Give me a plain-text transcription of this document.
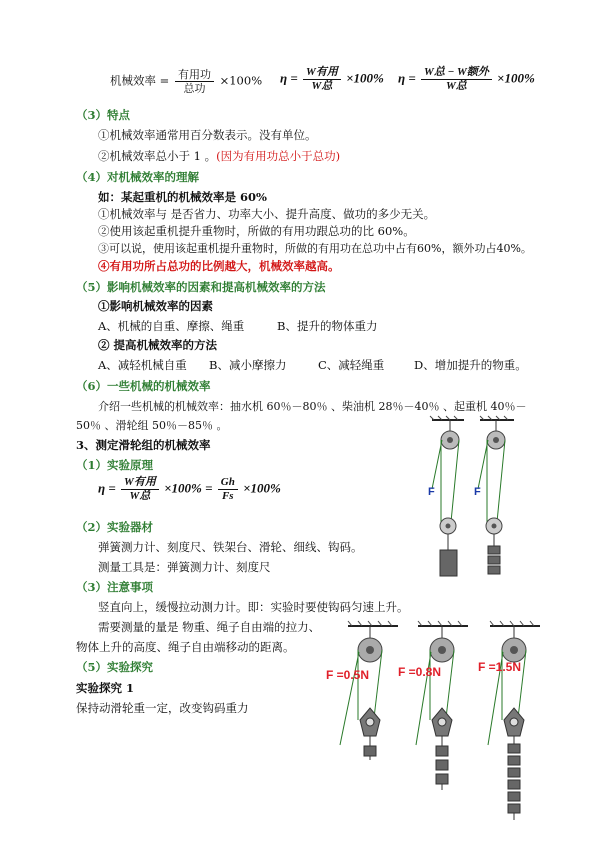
机械效率 = $\frac{\text{有用功}}{\text{总功}} \times 100\%$ $\eta = \frac{\text{W有用}}{\text{W总}} \times 100\%$ $\eta = \frac{\text{W总 − W额外}}{\text{W总}} \times 100\%$
（3）特点
①机械效率通常用百分数表示。没有单位。
②机械效率总小于 1 。(因为有用功总小于总功)
（4）对机械效率的理解
如：某起重机的机械效率是 60%
①机械效率与 是否省力、功率大小、提升高度、做功的多少无关。
②使用该起重机提升重物时，所做的有用功跟总功的比 60%。
③可以说，使用该起重机提升重物时，所做的有用功在总功中占有60%，额外功占40%。
④有用功所占总功的比例越大，机械效率越高。
（5）影响机械效率的因素和提高机械效率的方法
①影响机械效率的因素
A、机械的自重、摩擦、绳重	B、提升的物体重力
② 提高机械效率的方法
A、减轻机械自重 B、减小摩擦力	C、减轻绳重	D、增加提升的物重。
（6）一些机械的机械效率
介绍一些机械的机械效率：抽水机 60％－80％ 、柴油机 28％－40％ 、起重机 40％－
50％ 、滑轮组 50％－85％ 。
3、测定滑轮组的机械效率
（1）实验原理
$\eta = \frac{\text{W有用}}{\text{W总}} \times 100\% = \frac{Gh}{Fs} \times 100\%$
（2）实验器材
弹簧测力计、刻度尺、铁架台、滑轮、细线、钩码。
测量工具是：弹簧测力计、刻度尺
（3）注意事项
竖直向上，缓慢拉动测力计。即：实验时要使钩码匀速上升。
需要测量的量是 物重、绳子自由端的拉力、
物体上升的高度、绳子自由端移动的距离。
（5）实验探究
实验探究 1
保持动滑轮重一定，改变钩码重力
F	F
F =0.5N F =0.8N	F =1.5N
